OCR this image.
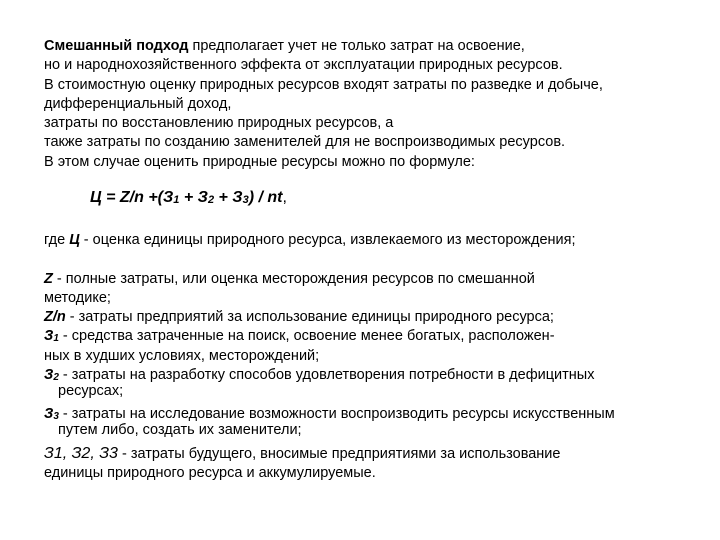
Смешанный подход предполагает учет не только затрат на освоение,
но и народнохозяйственного эффекта от эксплуатации природных ресурсов.
В стоимостную оценку природных ресурсов входят затраты по разведке и добыче,
дифференциальный доход,
затраты по восстановлению природных ресурсов, а
также затраты по созданию заменителей для не воспроизводимых ресурсов.
В этом случае оценить природные ресурсы можно по формуле:
$Ц = Z/n +(З_1 + З_2 + З_3)$ / nt,
где Ц - оценка единицы природного ресурса, извлекаемого из месторождения;
Z - полные затраты, или оценка месторождения ресурсов по смешанной
методике;
Z/n - затраты предприятий за использование единицы природного ресурса;
$З_1$ - средства затраченные на поиск, освоение менее богатых, расположен-
ных в худших условиях, месторождений;
$З_2$ - затраты на разработку способов удовлетворения потребности в дефицитных
ресурсах;
$З_3$ - затраты на исследование возможности воспроизводить ресурсы искусственным
путем либо, создать их заменители;
З1, З2, З3 - затраты будущего, вносимые предприятиями за использование
единицы природного ресурса и аккумулируемые.
